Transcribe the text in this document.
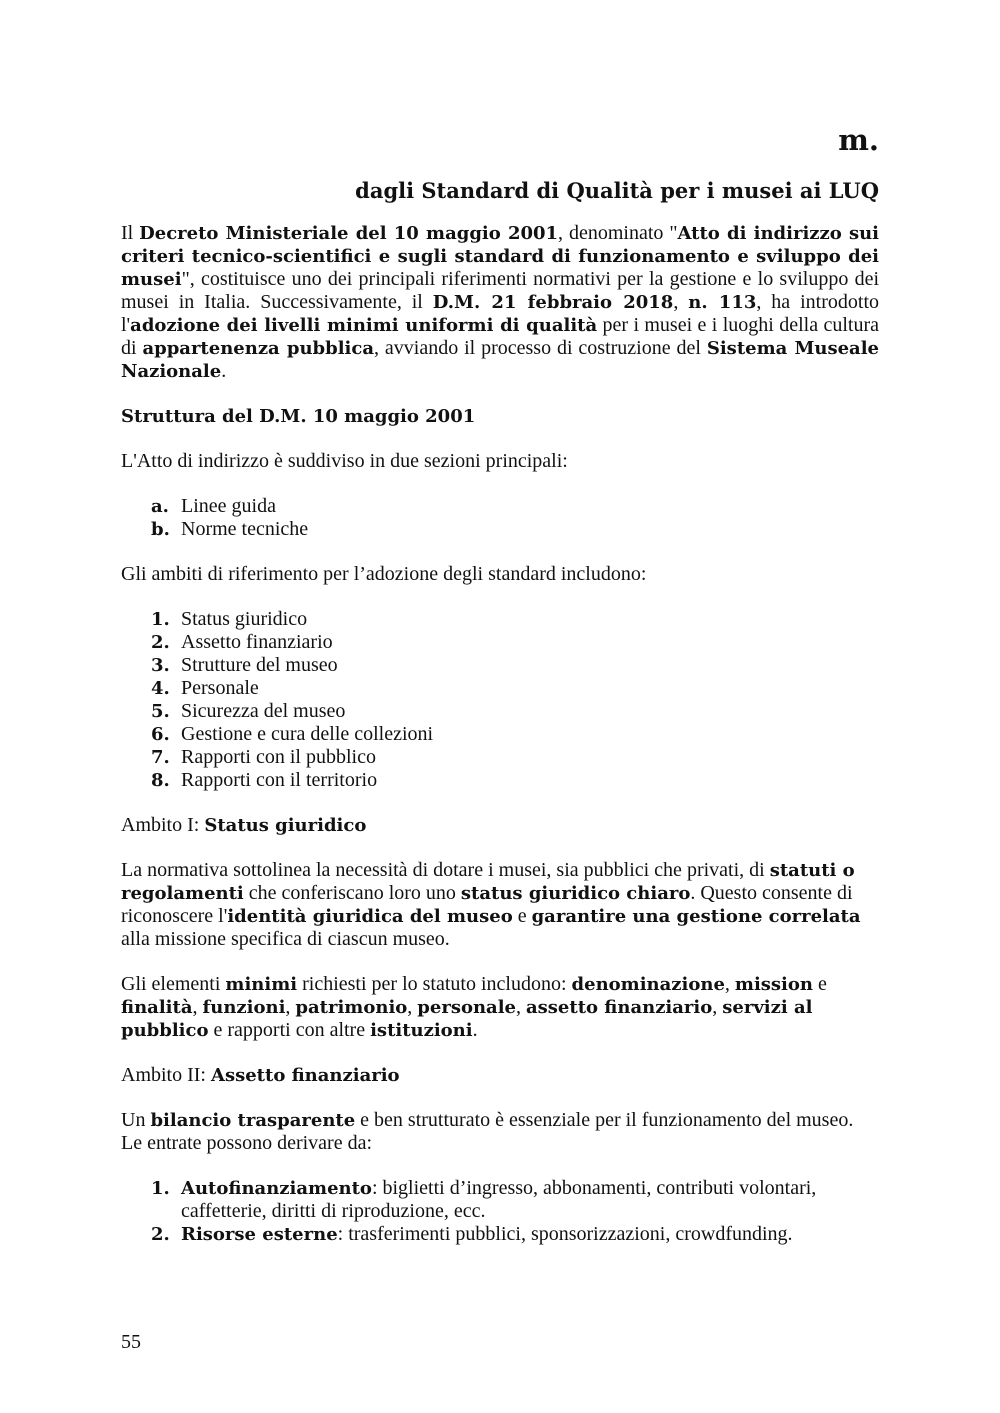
m.
dagli Standard di Qualità per i musei ai LUQ

Il Decreto Ministeriale del 10 maggio 2001, denominato "Atto di indirizzo sui criteri tecnico-scientifici e sugli standard di funzionamento e sviluppo dei musei", costituisce uno dei principali riferimenti normativi per la gestione e lo sviluppo dei musei in Italia. Successivamente, il D.M. 21 febbraio 2018, n. 113, ha introdotto l'adozione dei livelli minimi uniformi di qualità per i musei e i luoghi della cultura di appartenenza pubblica, avviando il processo di costruzione del Sistema Museale Nazionale.

Struttura del D.M. 10 maggio 2001

L'Atto di indirizzo è suddiviso in due sezioni principali:

a. Linee guida
b. Norme tecniche

Gli ambiti di riferimento per l’adozione degli standard includono:

1. Status giuridico
2. Assetto finanziario
3. Strutture del museo
4. Personale
5. Sicurezza del museo
6. Gestione e cura delle collezioni
7. Rapporti con il pubblico
8. Rapporti con il territorio

Ambito I: Status giuridico

La normativa sottolinea la necessità di dotare i musei, sia pubblici che privati, di statuti o regolamenti che conferiscano loro uno status giuridico chiaro. Questo consente di riconoscere l'identità giuridica del museo e garantire una gestione correlata alla missione specifica di ciascun museo.

Gli elementi minimi richiesti per lo statuto includono: denominazione, mission e finalità, funzioni, patrimonio, personale, assetto finanziario, servizi al pubblico e rapporti con altre istituzioni.

Ambito II: Assetto finanziario

Un bilancio trasparente e ben strutturato è essenziale per il funzionamento del museo. Le entrate possono derivare da:

1. Autofinanziamento: biglietti d’ingresso, abbonamenti, contributi volontari, caffetterie, diritti di riproduzione, ecc.
2. Risorse esterne: trasferimenti pubblici, sponsorizzazioni, crowdfunding.
55
